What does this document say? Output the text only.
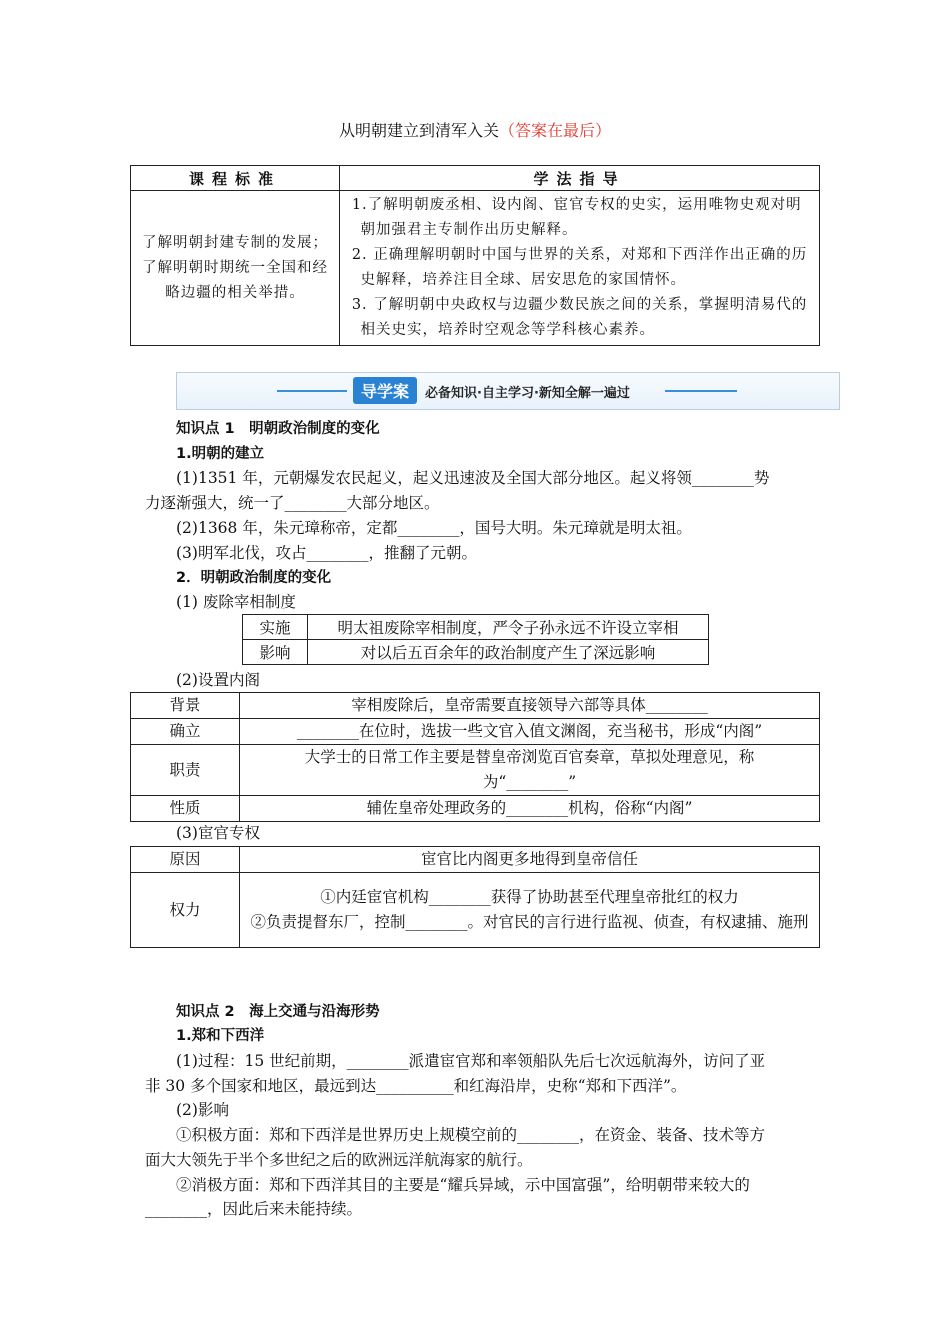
从明朝建立到清军入关（答案在最后）
课程标准	学法指导
了解明朝封建专制的发展；了解明朝时期统一全国和经略边疆的相关举措。	1.了解明朝废丞相、设内阁、宦官专权的史实，运用唯物史观对明朝加强君主专制作出历史解释。

2. 正确理解明朝时中国与世界的关系，对郑和下西洋作出正确的历史解释，培养注目全球、居安思危的家国情怀。

3. 了解明朝中央政权与边疆少数民族之间的关系，掌握明清易代的相关史实，培养时空观念等学科核心素养。

导学案	必备知识·自主学习·新知全解一遍过
知识点 1　明朝政治制度的变化
1.明朝的建立
(1)1351 年，元朝爆发农民起义，起义迅速波及全国大部分地区。起义将领________势
力逐渐强大，统一了________大部分地区。
(2)1368 年，朱元璋称帝，定都________，国号大明。朱元璋就是明太祖。
(3)明军北伐，攻占________，推翻了元朝。
2．明朝政治制度的变化
(1) 废除宰相制度
实施	明太祖废除宰相制度，严令子孙永远不许设立宰相
影响	对以后五百余年的政治制度产生了深远影响
(2)设置内阁
背景	宰相废除后，皇帝需要直接领导六部等具体________
确立	________在位时，选拔一些文官入值文渊阁，充当秘书，形成“内阁”
职责	大学士的日常工作主要是替皇帝浏览百官奏章，草拟处理意见，称为“________”
性质	辅佐皇帝处理政务的________机构，俗称“内阁”
(3)宦官专权
原因	宦官比内阁更多地得到皇帝信任
权力	①内廷宦官机构________获得了协助甚至代理皇帝批红的权力
②负责提督东厂，控制________。对官民的言行进行监视、侦查，有权逮捕、施刑
知识点 2　海上交通与沿海形势
1.郑和下西洋
(1)过程：15 世纪前期，________派遣宦官郑和率领船队先后七次远航海外，访问了亚
非 30 多个国家和地区，最远到达__________和红海沿岸，史称“郑和下西洋”。
(2)影响
①积极方面：郑和下西洋是世界历史上规模空前的________，在资金、装备、技术等方
面大大领先于半个多世纪之后的欧洲远洋航海家的航行。
②消极方面：郑和下西洋其目的主要是“耀兵异域，示中国富强”，给明朝带来较大的
________，因此后来未能持续。
